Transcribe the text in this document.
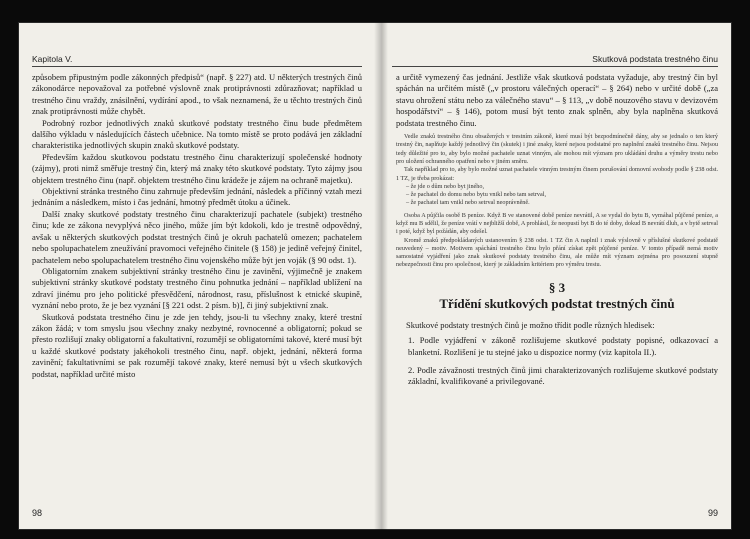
Kapitola V.

způsobem připustným podle zákonných předpisů“ (např. § 227) atd. U některých trestných činů zákonodárce nepovažoval za potřebné výslovně znak protiprávnosti zdůrazňovat; například u trestného činu vraždy, znásilnění, vydírání apod., to však neznamená, že u těchto trestných činů znak protiprávnosti může chybět.

Podrobný rozbor jednotlivých znaků skutkové podstaty trestného činu bude předmětem dalšího výkladu v následujících částech učebnice. Na tomto místě se proto podává jen základní charakteristika jednotlivých skupin znaků skutkové podstaty.

Především každou skutkovou podstatu trestného činu charakterizují společenské hodnoty (zájmy), proti nimž směřuje trestný čin, který má znaky této skutkové podstaty. Tyto zájmy jsou objektem trestného činu (např. objektem trestného činu krádeže je zájem na ochraně majetku).

Objektivní stránka trestného činu zahrnuje především jednání, následek a příčinný vztah mezi jednáním a následkem, místo i čas jednání, hmotný předmět útoku a účinek.

Další znaky skutkové podstaty trestného činu charakterizují pachatele (subjekt) trestného činu; kde ze zákona nevyplývá něco jiného, může jím být kdokoli, kdo je trestně odpovědný, avšak u některých skutkových podstat trestných činů je okruh pachatelů omezen; pachatelem nebo spolupachatelem zneužívání pravomoci veřejného činitele (§ 158) je jedině veřejný činitel, pachatelem nebo spolupachatelem trestného činu vojenského může být jen voják (§ 90 odst. 1).

Obligatorním znakem subjektivní stránky trestného činu je zavinění, výjimečně je znakem subjektivní stránky skutkové podstaty trestného činu pohnutka jednání – například ublížení na zdraví jinému pro jeho politické přesvědčení, národnost, rasu, příslušnost k etnické skupině, vyznání nebo proto, že je bez vyznání [§ 221 odst. 2 písm. b)], či jiný subjektivní znak.

Skutková podstata trestného činu je zde jen tehdy, jsou-li tu všechny znaky, které trestní zákon žádá; v tom smyslu jsou všechny znaky nezbytné, rovnocenné a obligatorní; pokud se přesto rozlišují znaky obligatorní a fakultativní, rozumějí se obligatorními takové, které musí být u každé skutkové podstaty jakéhokoli trestného činu, např. objekt, jednání, některá forma zavinění; fakultativními se pak rozumějí takové znaky, které nemusí být u všech skutkových podstat, například určité místo

98
Skutková podstata trestného činu

a určitě vymezený čas jednání. Jestliže však skutková podstata vyžaduje, aby trestný čin byl spáchán na určitém místě („v prostoru válečných operací“ – § 264) nebo v určité době („za stavu ohrožení státu nebo za válečného stavu“ – § 113, „v době nouzového stavu v devizovém hospodářství“ – § 146), potom musí být tento znak splněn, aby byla naplněna skutková podstata trestného činu.

Vedle znaků trestného činu obsažených v trestním zákoně, které musí být bezpodmínečně dány, aby se jednalo o ten který trestný čin, naplňuje každý jednotlivý čin (skutek) i jiné znaky, které nejsou podstatné pro naplnění znaků trestného činu. Nejsou tedy důležité pro to, aby bylo možné pachatele uznat vinným, ale mohou mít význam pro ukládání druhu a výměry trestu nebo pro uložení ochranného opatření nebo v jiném směru.

Tak například pro to, aby bylo možné uznat pachatele vinným trestným činem porušování domovní svobody podle § 238 odst. 1 TZ, je třeba prokázat:

– že jde o dům nebo byt jiného,

– že pachatel do domu nebo bytu vnikl nebo tam setrval,

– že pachatel tam vnikl nebo setrval neoprávněně.

Osoba A půjčila osobě B peníze. Když B ve stanovené době peníze nevrátil, A se vydal do bytu B, vymáhal půjčené peníze, a když mu B sdělil, že peníze vrátí v nejbližší době, A prohlásil, že neopustí byt B do té doby, dokud B nevrátí dluh, a v bytě setrval i poté, když byl požádán, aby odešel.

Kromě znaků předpokládaných ustanovením § 238 odst. 1 TZ čin A naplnil i znak výslovně v příslušné skutkové podstatě neuvedený – motiv. Motivem spáchání trestného činu bylo přání získat zpět půjčené peníze. V tomto případě nemá motiv samostatné vyjádření jako znak skutkové podstaty trestného činu, ale může mít význam zejména pro posouzení stupně nebezpečnosti činu pro společnost, který je základním kritériem pro výměru trestu.

§ 3
Třídění skutkových podstat trestných činů

Skutkové podstaty trestných činů je možno třídit podle různých hledisek:

1. Podle vyjádření v zákoně rozlišujeme skutkové podstaty popisné, odkazovací a blanketní. Rozlišení je tu stejné jako u dispozice normy (viz kapitola II.).

2. Podle závažnosti trestných činů jimi charakterizovaných rozlišujeme skutkové podstaty základní, kvalifikované a privilegované.

99
